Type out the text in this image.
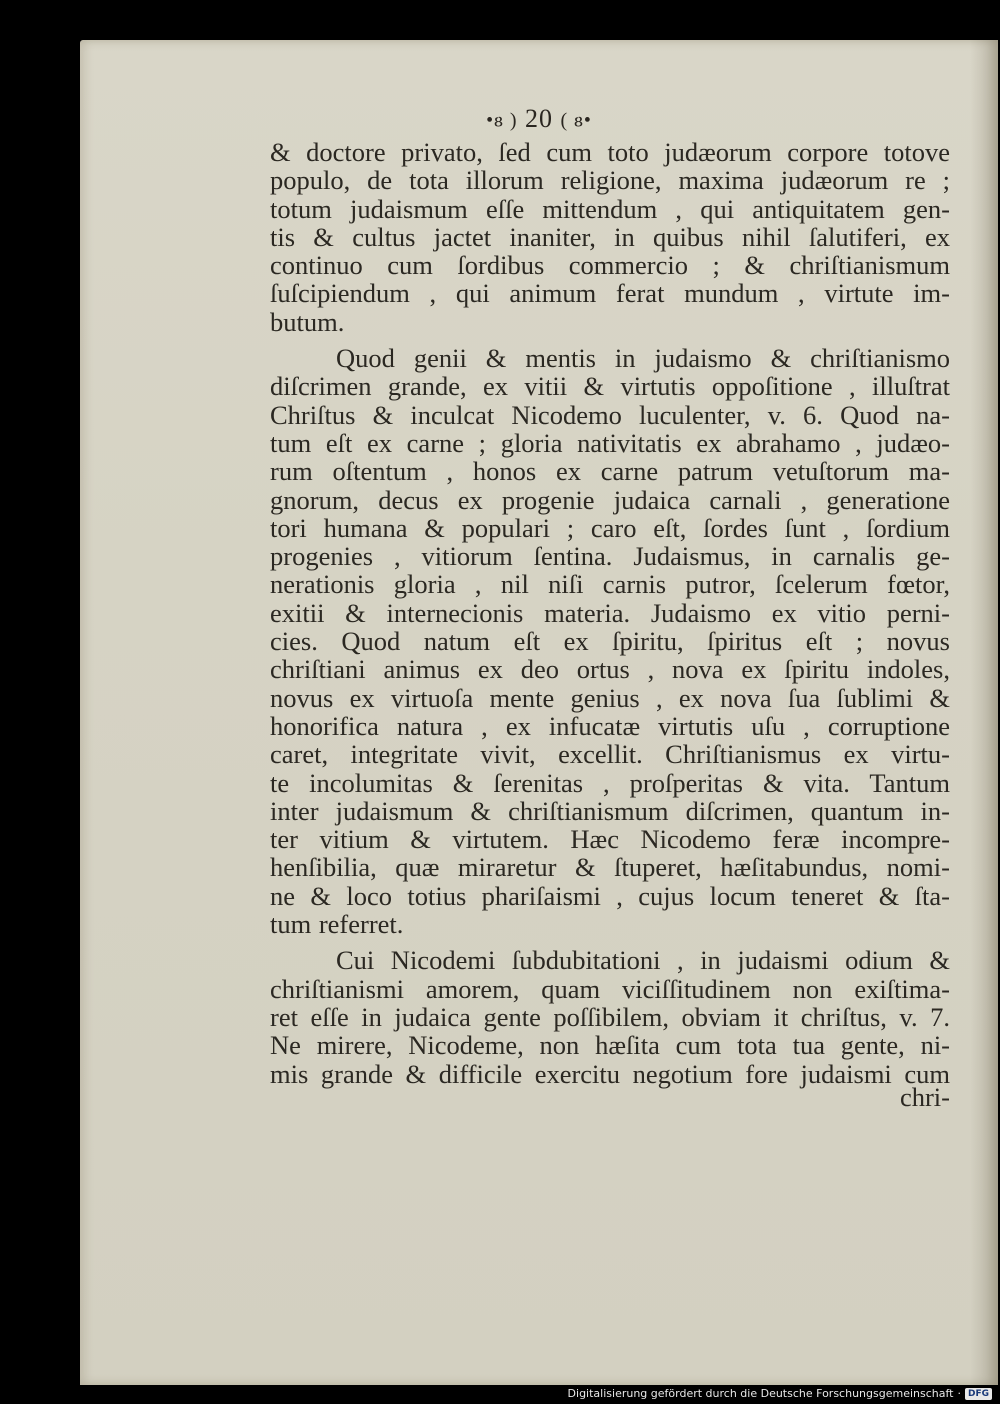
•ᴕ ) 20 ( ᴕ•
& doctore privato, ſed cum toto judæorum corpore totove
populo, de tota illorum religione, maxima judæorum re ;
totum judaismum eſſe mittendum , qui antiquitatem gen-
tis & cultus jactet inaniter, in quibus nihil ſalutiferi, ex
continuo cum ſordibus commercio ; & chriſtianismum
ſuſcipiendum , qui animum ferat mundum , virtute im-
butum.
Quod genii & mentis in judaismo & chriſtianismo
diſcrimen grande, ex vitii & virtutis oppoſitione , illuſtrat
Chriſtus & inculcat Nicodemo luculenter, v. 6. Quod na-
tum eſt ex carne ; gloria nativitatis ex abrahamo , judæo-
rum oſtentum , honos ex carne patrum vetuſtorum ma-
gnorum, decus ex progenie judaica carnali , generatione
tori humana & populari ; caro eſt, ſordes ſunt , ſordium
progenies , vitiorum ſentina. Judaismus, in carnalis ge-
nerationis gloria , nil niſi carnis putror, ſcelerum fœtor,
exitii & internecionis materia. Judaismo ex vitio perni-
cies. Quod natum eſt ex ſpiritu, ſpiritus eſt ; novus
chriſtiani animus ex deo ortus , nova ex ſpiritu indoles,
novus ex virtuoſa mente genius , ex nova ſua ſublimi &
honorifica natura , ex infucatæ virtutis uſu , corruptione
caret, integritate vivit, excellit. Chriſtianismus ex virtu-
te incolumitas & ſerenitas , proſperitas & vita. Tantum
inter judaismum & chriſtianismum diſcrimen, quantum in-
ter vitium & virtutem. Hæc Nicodemo feræ incompre-
henſibilia, quæ miraretur & ſtuperet, hæſitabundus, nomi-
ne & loco totius phariſaismi , cujus locum teneret & ſta-
tum referret.
Cui Nicodemi ſubdubitationi , in judaismi odium &
chriſtianismi amorem, quam viciſſitudinem non exiſtima-
ret eſſe in judaica gente poſſibilem, obviam it chriſtus, v. 7.
Ne mirere, Nicodeme, non hæſita cum tota tua gente, ni-
mis grande & difficile exercitu negotium fore judaismi cum
chri-
Digitalisierung gefördert durch die Deutsche Forschungsgemeinschaft · DFG
